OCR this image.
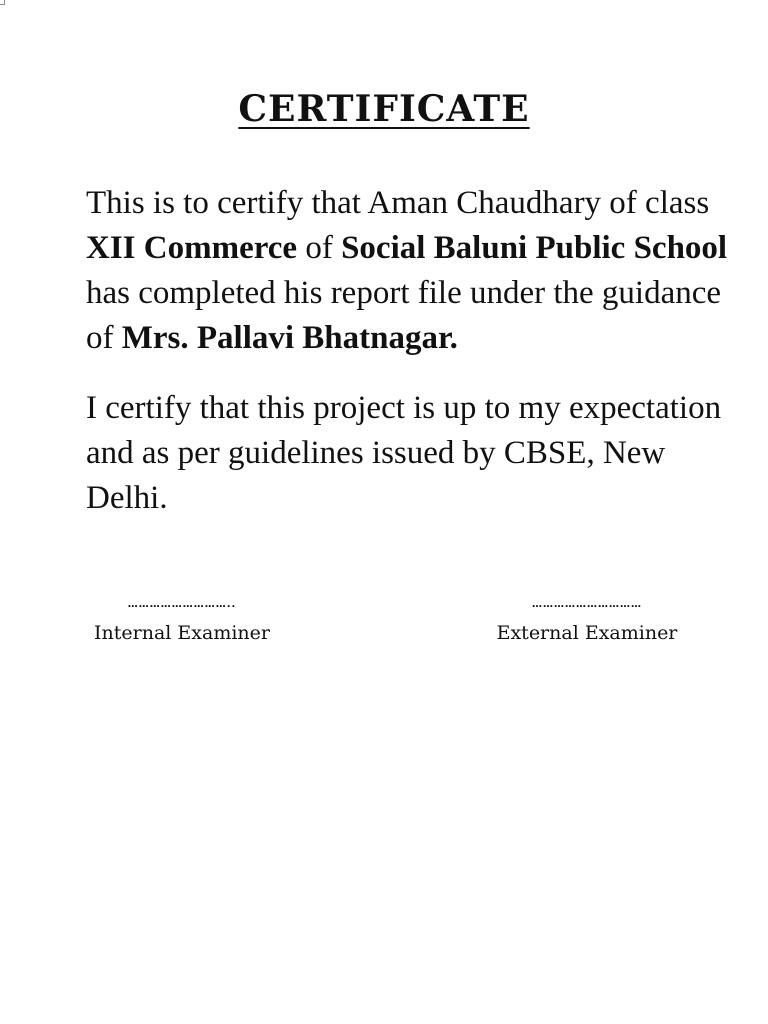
CERTIFICATE

This is to certify that Aman Chaudhary of class XII Commerce of Social Baluni Public School has completed his report file under the guidance of Mrs. Pallavi Bhatnagar.

I certify that this project is up to my expectation and as per guidelines issued by CBSE, New Delhi.

………………………..
Internal Examiner
…………………………
External Examiner
